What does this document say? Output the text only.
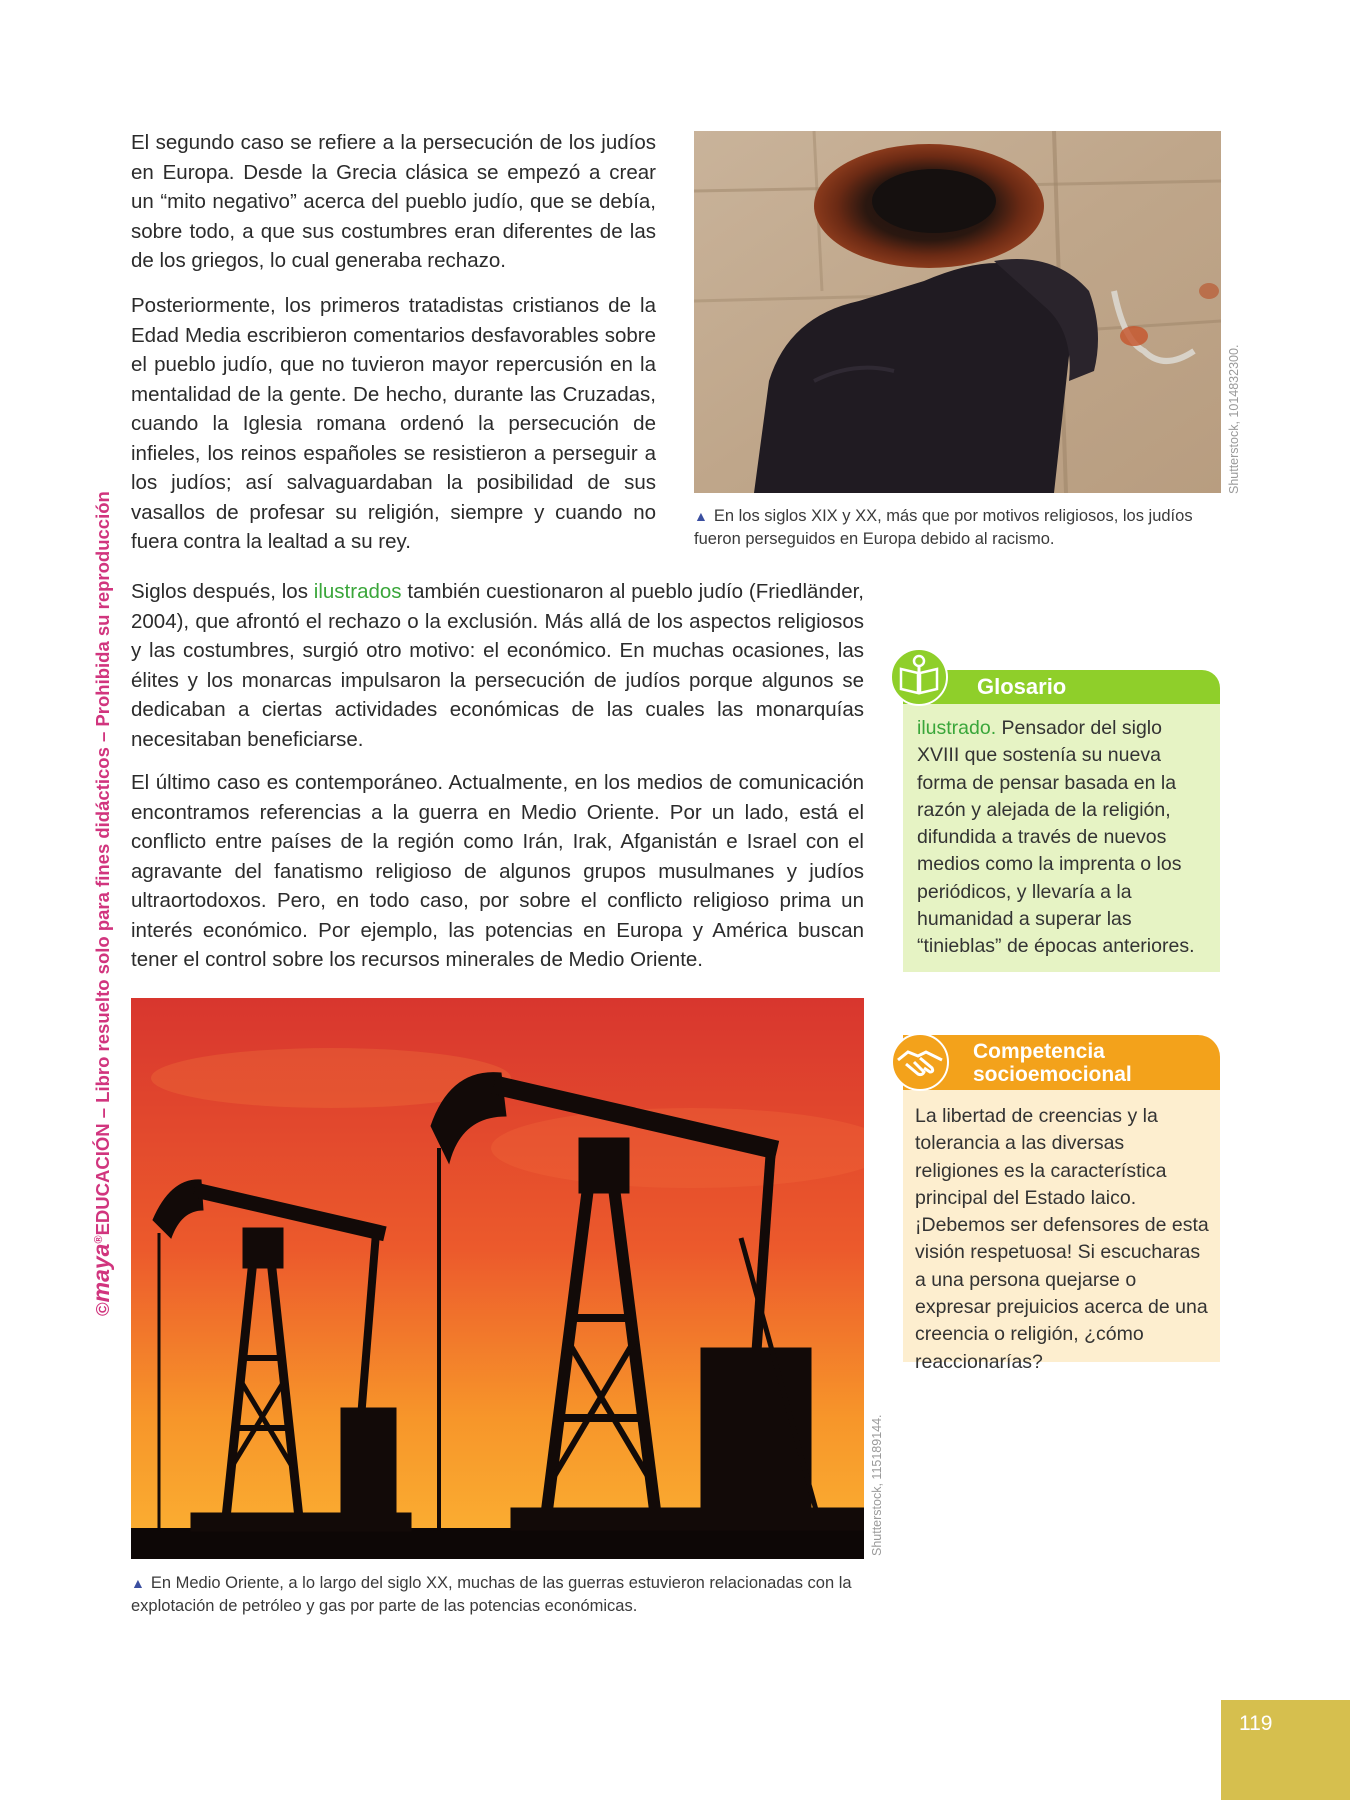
©maya®EDUCACIÓN – Libro resuelto solo para fines didácticos – Prohibida su reproducción

El segundo caso se refiere a la persecución de los judíos en Europa. Desde la Grecia clásica se empezó a crear un “mito negativo” acerca del pueblo judío, que se debía, sobre todo, a que sus costumbres eran diferentes de las de los griegos, lo cual generaba rechazo.

Posteriormente, los primeros tratadistas cristianos de la Edad Media escribieron comentarios desfavorables sobre el pueblo judío, que no tuvieron mayor repercusión en la mentalidad de la gente. De hecho, durante las Cruzadas, cuando la Iglesia romana ordenó la persecución de infieles, los reinos españoles se resistieron a perseguir a los judíos; así salvaguardaban la posibilidad de sus vasallos de profesar su religión, siempre y cuando no fuera contra la lealtad a su rey.

Siglos después, los ilustrados también cuestionaron al pueblo judío (Friedländer, 2004), que afrontó el rechazo o la exclusión. Más allá de los aspectos religiosos y las costumbres, surgió otro motivo: el económico. En muchas ocasiones, las élites y los monarcas impulsaron la persecución de judíos porque algunos se dedicaban a ciertas actividades económicas de las cuales las monarquías necesitaban beneficiarse.

El último caso es contemporáneo. Actualmente, en los medios de comunicación encontramos referencias a la guerra en Medio Oriente. Por un lado, está el conflicto entre países de la región como Irán, Irak, Afganistán e Israel con el agravante del fanatismo religioso de algunos grupos musulmanes y judíos ultraortodoxos. Pero, en todo caso, por sobre el conflicto religioso prima un interés económico. Por ejemplo, las potencias en Europa y América buscan tener el control sobre los recursos minerales de Medio Oriente.

Shutterstock, 1014832300.

▲ En los siglos XIX y XX, más que por motivos religiosos, los judíos fueron perseguidos en Europa debido al racismo.

Glosario

ilustrado. Pensador del siglo XVIII que sostenía su nueva forma de pensar basada en la razón y alejada de la religión, difundida a través de nuevos medios como la imprenta o los periódicos, y llevaría a la humanidad a superar las “tinieblas” de épocas anteriores.

Shutterstock, 115189144.

▲ En Medio Oriente, a lo largo del siglo XX, muchas de las guerras estuvieron relacionadas con la explotación de petróleo y gas por parte de las potencias económicas.

Competencia
socioemocional

La libertad de creencias y la tolerancia a las diversas religiones es la característica principal del Estado laico. ¡Debemos ser defensores de esta visión respetuosa! Si escucharas a una persona quejarse o expresar prejuicios acerca de una creencia o religión, ¿cómo reaccionarías?

119
